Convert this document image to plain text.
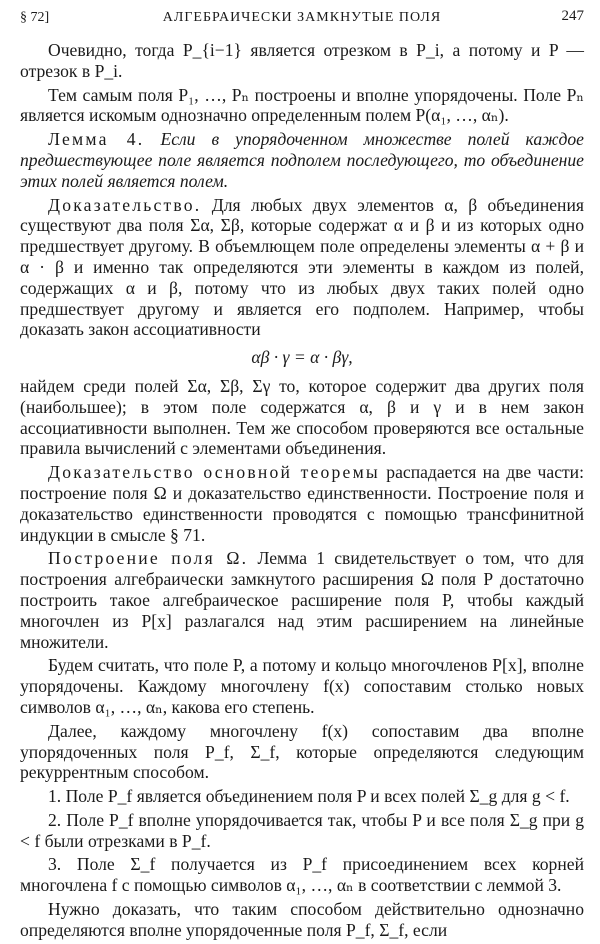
§ 72]	АЛГЕБРАИЧЕСКИ ЗАМКНУТЫЕ ПОЛЯ	247

Очевидно, тогда P_{i−1} является отрезком в P_i, а потому и P — отрезок в P_i.

Тем самым поля P₁, …, Pₙ построены и вполне упорядочены. Поле Pₙ является искомым однозначно определенным полем P(α₁, …, αₙ).

Лемма 4. Если в упорядоченном множестве полей каждое предшествующее поле является подполем последующего, то объединение этих полей является полем.

Доказательство. Для любых двух элементов α, β объединения существуют два поля Σα, Σβ, которые содержат α и β и из которых одно предшествует другому. В объемлющем поле определены элементы α + β и α · β и именно так определяются эти элементы в каждом из полей, содержащих α и β, потому что из любых двух таких полей одно предшествует другому и является его подполем. Например, чтобы доказать закон ассоциативности

αβ · γ = α · βγ,

найдем среди полей Σα, Σβ, Σγ то, которое содержит два других поля (наибольшее); в этом поле содержатся α, β и γ и в нем закон ассоциативности выполнен. Тем же способом проверяются все остальные правила вычислений с элементами объединения.

Доказательство основной теоремы распадается на две части: построение поля Ω и доказательство единственности. Построение поля и доказательство единственности проводятся с помощью трансфинитной индукции в смысле § 71.

Построение поля Ω. Лемма 1 свидетельствует о том, что для построения алгебраически замкнутого расширения Ω поля P достаточно построить такое алгебраическое расширение поля P, чтобы каждый многочлен из P[x] разлагался над этим расширением на линейные множители.

Будем считать, что поле P, а потому и кольцо многочленов P[x], вполне упорядочены. Каждому многочлену f(x) сопоставим столько новых символов α₁, …, αₙ, какова его степень.

Далее, каждому многочлену f(x) сопоставим два вполне упорядоченных поля P_f, Σ_f, которые определяются следующим рекуррентным способом.

1. Поле P_f является объединением поля P и всех полей Σ_g для g < f.

2. Поле P_f вполне упорядочивается так, чтобы P и все поля Σ_g при g < f были отрезками в P_f.

3. Поле Σ_f получается из P_f присоединением всех корней многочлена f с помощью символов α₁, …, αₙ в соответствии с леммой 3.

Нужно доказать, что таким способом действительно однозначно определяются вполне упорядоченные поля P_f, Σ_f, если
